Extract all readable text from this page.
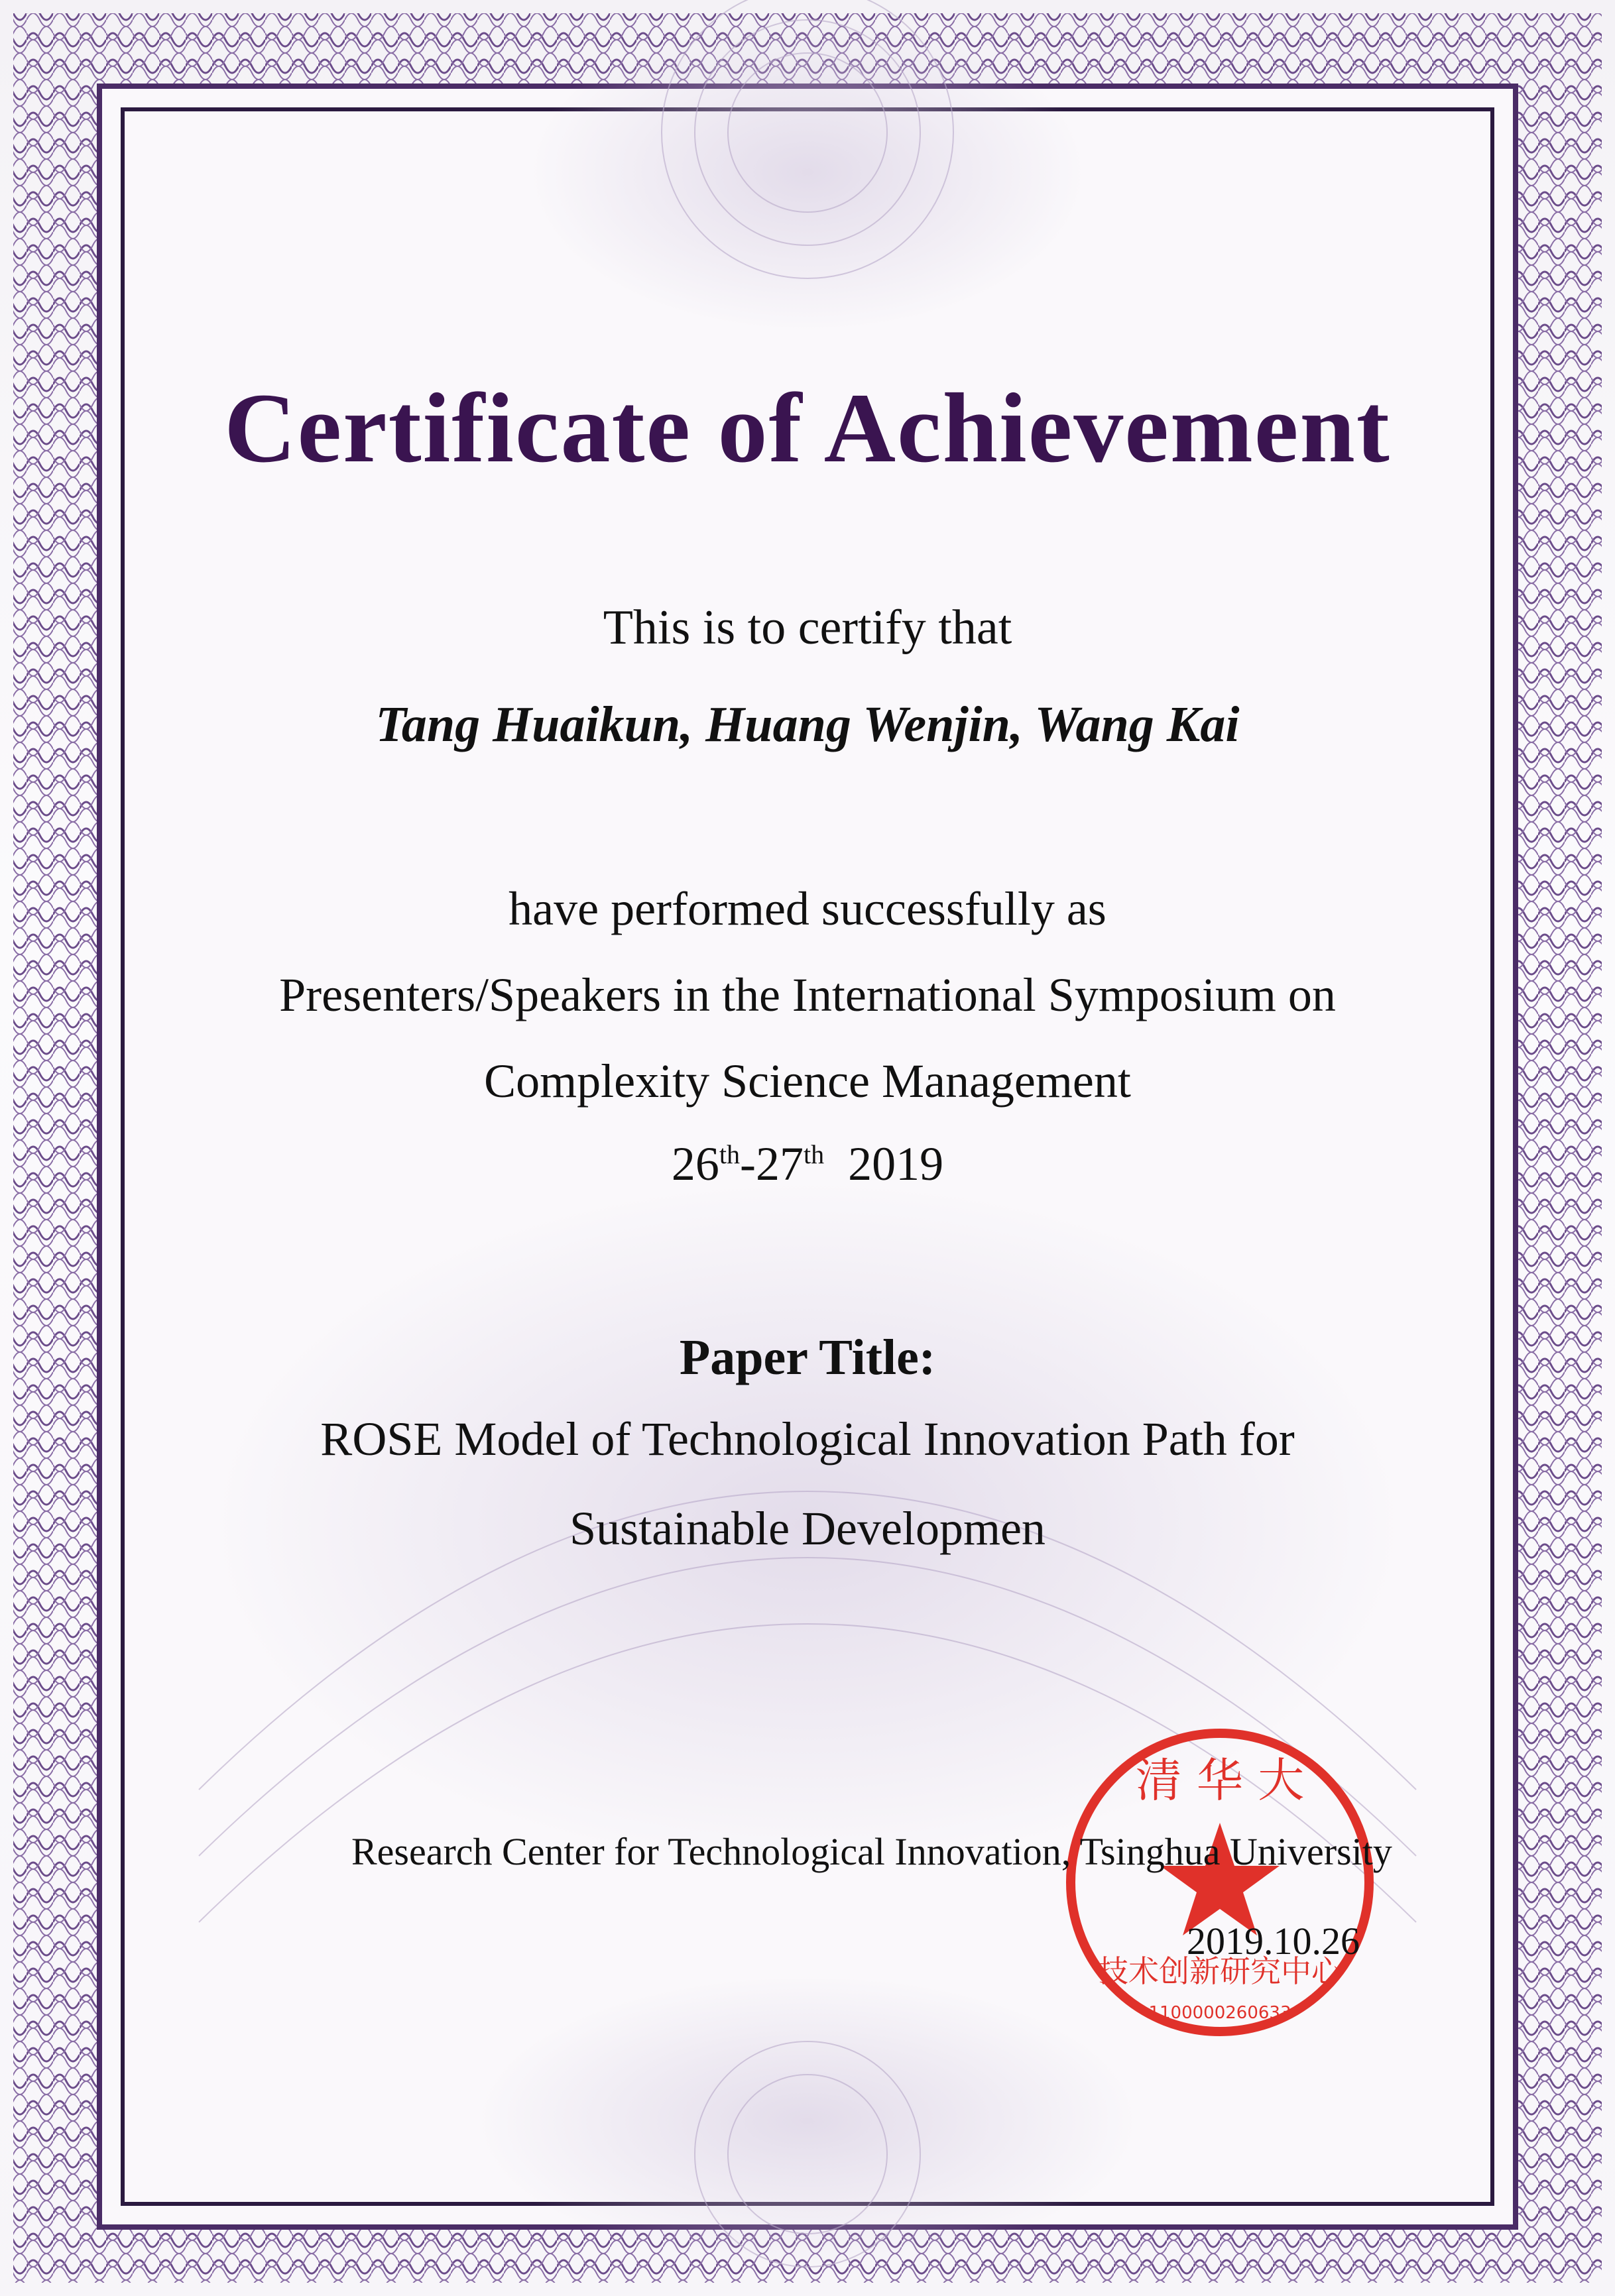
Certificate of Achievement
This is to certify that
Tang Huaikun, Huang Wenjin, Wang Kai
have performed successfully as
Presenters/Speakers in the International Symposium on
Complexity Science Management
26th-27th 2019
Paper Title:
ROSE Model of Technological Innovation Path for
Sustainable Developmen
清 华 大
技术创新研究中心
1100000260633
Research Center for Technological Innovation, Tsinghua University
2019.10.26
